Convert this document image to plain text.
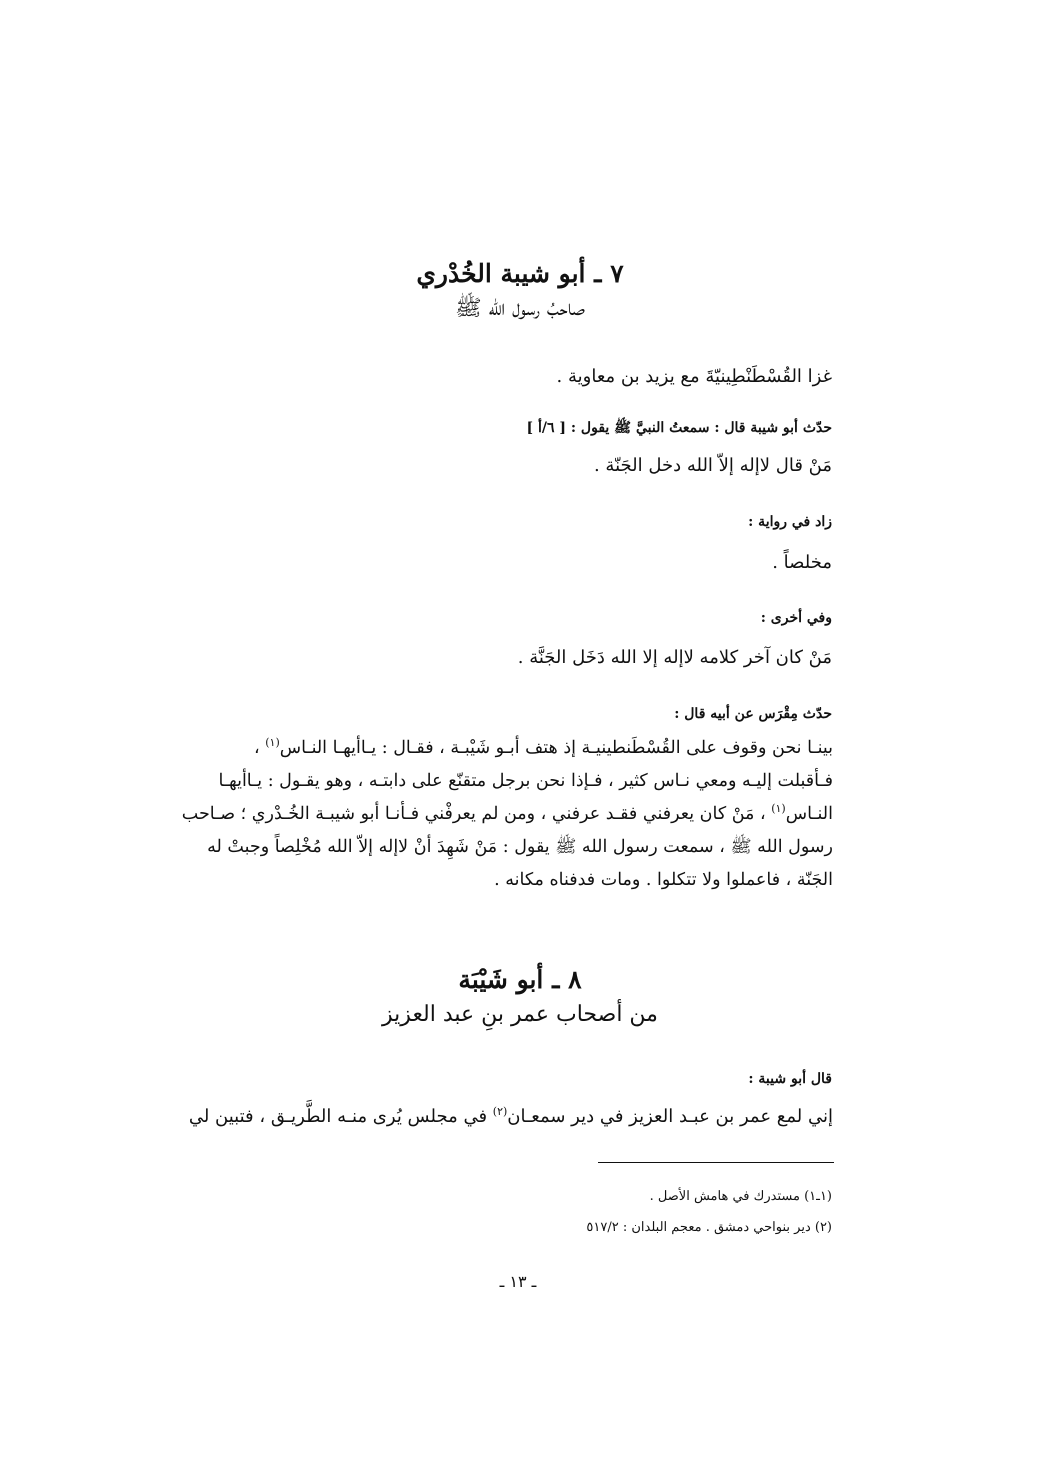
٧ ـ أبو شيبة الخُدْري
صاحبُ رسول الله ﷺ
غزا القُسْطَنْطِينيّةَ مع يزيد بن معاوية .
حدّث أبو شيبة قال : سمعتُ النبيَّ ﷺ يقول : [ ٦/أ ]
مَنْ قال لاإله إلاّ الله دخل الجَنّة .
زاد في رواية :
مخلصاً .
وفي أخرى :
مَنْ كان آخر كلامه لاإله إلا الله دَخَل الجَنَّة .
حدّث مِقْرَس عن أبيه قال :

بينـا نحن وقوف على القُسْطَنطينيـة إذ هتف أبـو شَيْبـة ، فقـال : يـاأيهـا النـاس$^{(١)}$ ،

فـأقبلت إليـه ومعي نـاس كثير ، فـإذا نحن برجل متقنّع على دابتـه ، وهو يقـول : يـاأيهـا

النـاس$^{(١)}$ ، مَنْ كان يعرفني فقـد عرفني ، ومن لم يعرفْني فـأنـا أبو شيبـة الخُـدْري ؛ صـاحب

رسول الله ﷺ ، سمعت رسول الله ﷺ يقول : مَنْ شَهِدَ أنْ لاإله إلاّ الله مُخْلِصاً وجبتْ له

الجَنّة ، فاعملوا ولا تتكلوا . ومات فدفناه مكانه .

٨ ـ أبو شَيْبَة
من أصحاب عمر بنِ عبد العزيز
قال أبو شيبة :
إني لمع عمر بن عبـد العزيز في دير سمعـان$^{(٢)}$ في مجلس يُرى منـه الطَّريـق ، فتبين لي
(١ـ١) مستدرك في هامش الأصل .
(٢) دير بنواحي دمشق . معجم البلدان : ٥١٧/٢
ـ ١٣ ـ
